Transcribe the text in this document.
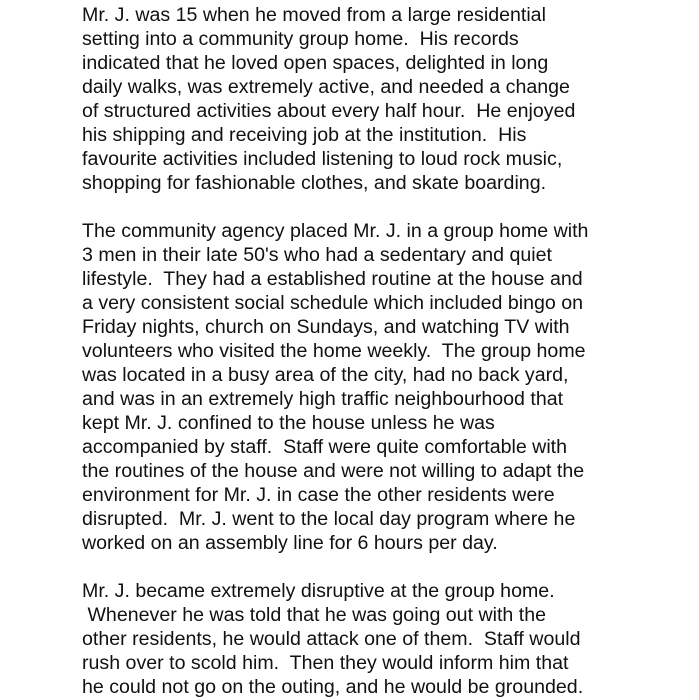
Mr. J. was 15 when he moved from a large residential
setting into a community group home.  His records
indicated that he loved open spaces, delighted in long
daily walks, was extremely active, and needed a change
of structured activities about every half hour.  He enjoyed
his shipping and receiving job at the institution.  His
favourite activities included listening to loud rock music,
shopping for fashionable clothes, and skate boarding.
The community agency placed Mr. J. in a group home with
3 men in their late 50's who had a sedentary and quiet
lifestyle.  They had a established routine at the house and
a very consistent social schedule which included bingo on
Friday nights, church on Sundays, and watching TV with
volunteers who visited the home weekly.  The group home
was located in a busy area of the city, had no back yard,
and was in an extremely high traffic neighbourhood that
kept Mr. J. confined to the house unless he was
accompanied by staff.  Staff were quite comfortable with
the routines of the house and were not willing to adapt the
environment for Mr. J. in case the other residents were
disrupted.  Mr. J. went to the local day program where he
worked on an assembly line for 6 hours per day.
Mr. J. became extremely disruptive at the group home.
Whenever he was told that he was going out with the
other residents, he would attack one of them.  Staff would
rush over to scold him.  Then they would inform him that
he could not go on the outing, and he would be grounded.
